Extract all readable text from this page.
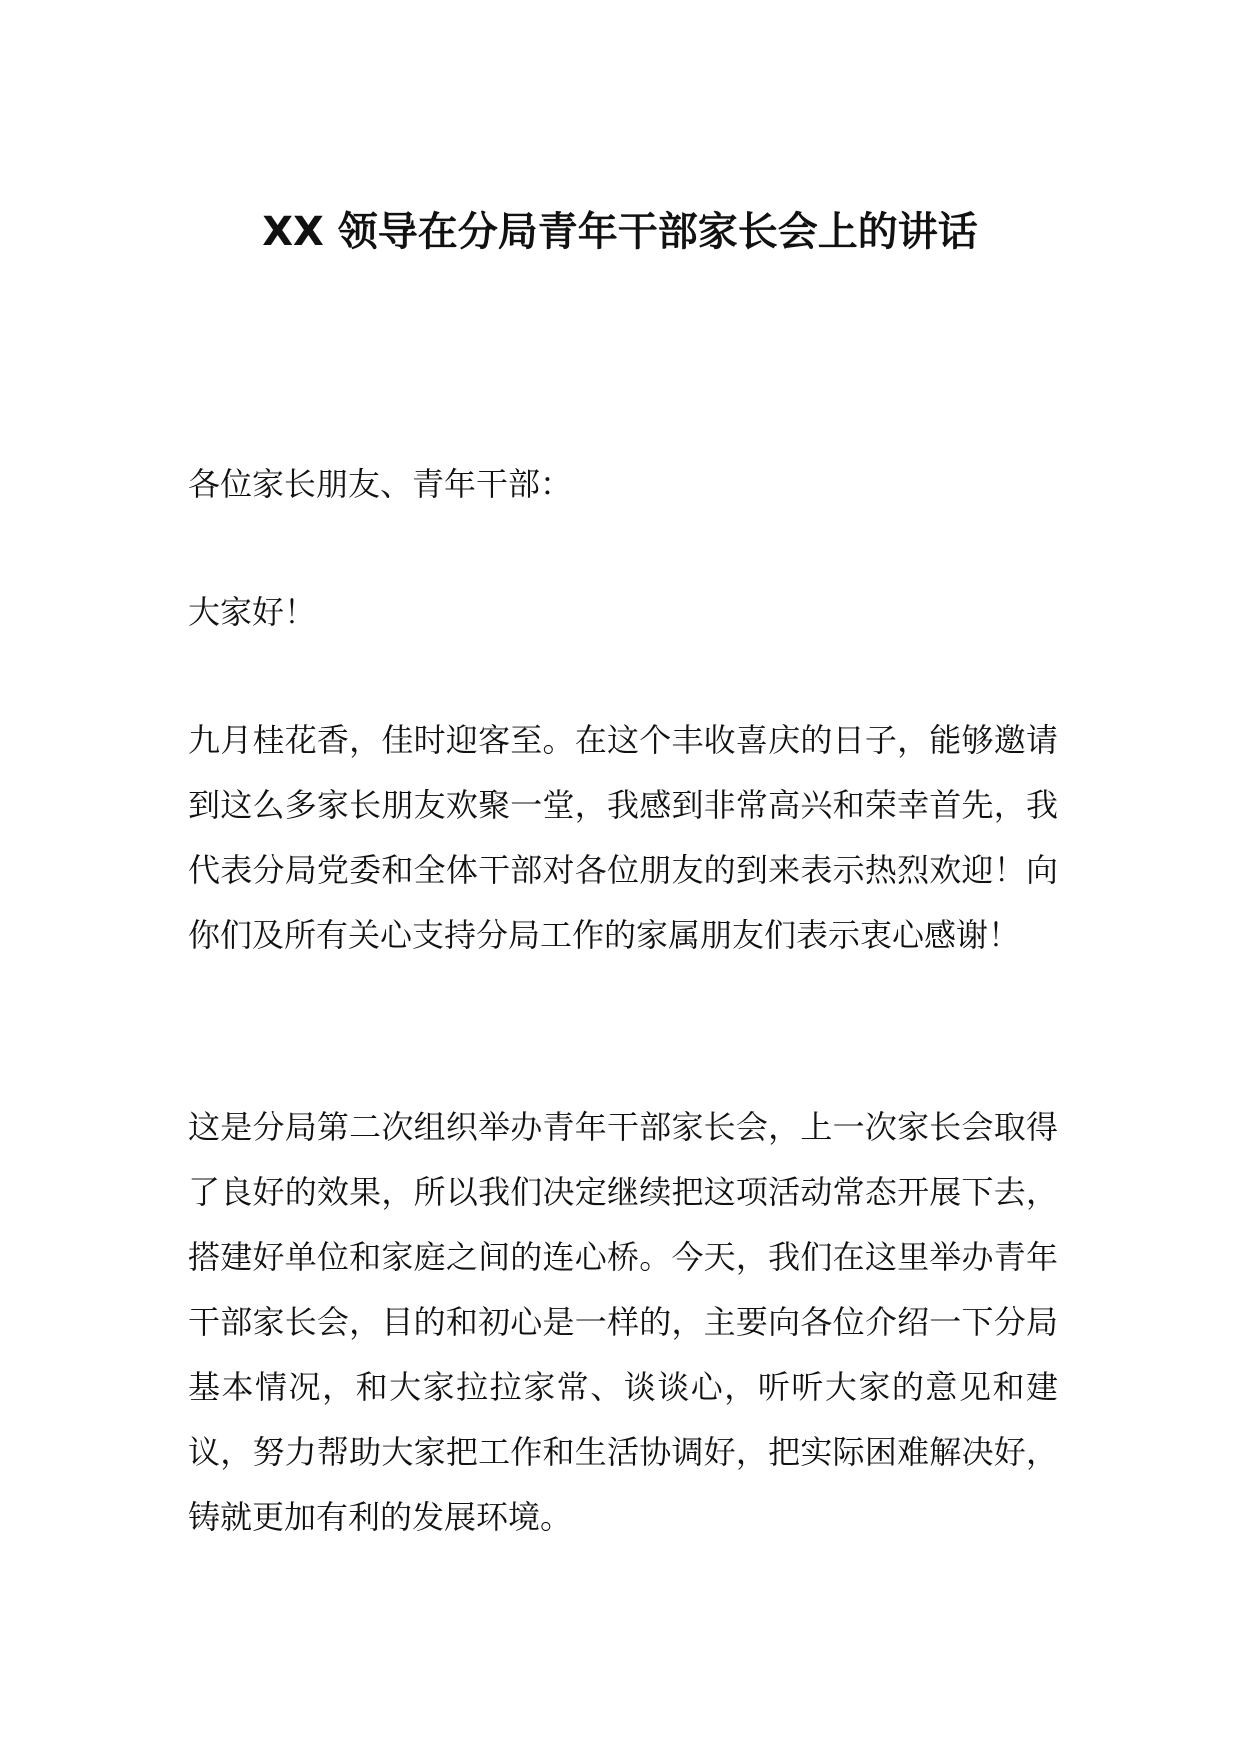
XX 领导在分局青年干部家长会上的讲话

各位家长朋友、青年干部：

大家好！

九月桂花香，佳时迎客至。在这个丰收喜庆的日子，能够邀请到这么多家长朋友欢聚一堂，我感到非常高兴和荣幸首先，我代表分局党委和全体干部对各位朋友的到来表示热烈欢迎！向你们及所有关心支持分局工作的家属朋友们表示衷心感谢！

这是分局第二次组织举办青年干部家长会，上一次家长会取得了良好的效果，所以我们决定继续把这项活动常态开展下去，搭建好单位和家庭之间的连心桥。今天，我们在这里举办青年干部家长会，目的和初心是一样的，主要向各位介绍一下分局基本情况，和大家拉拉家常、谈谈心，听听大家的意见和建议，努力帮助大家把工作和生活协调好，把实际困难解决好，铸就更加有利的发展环境。
